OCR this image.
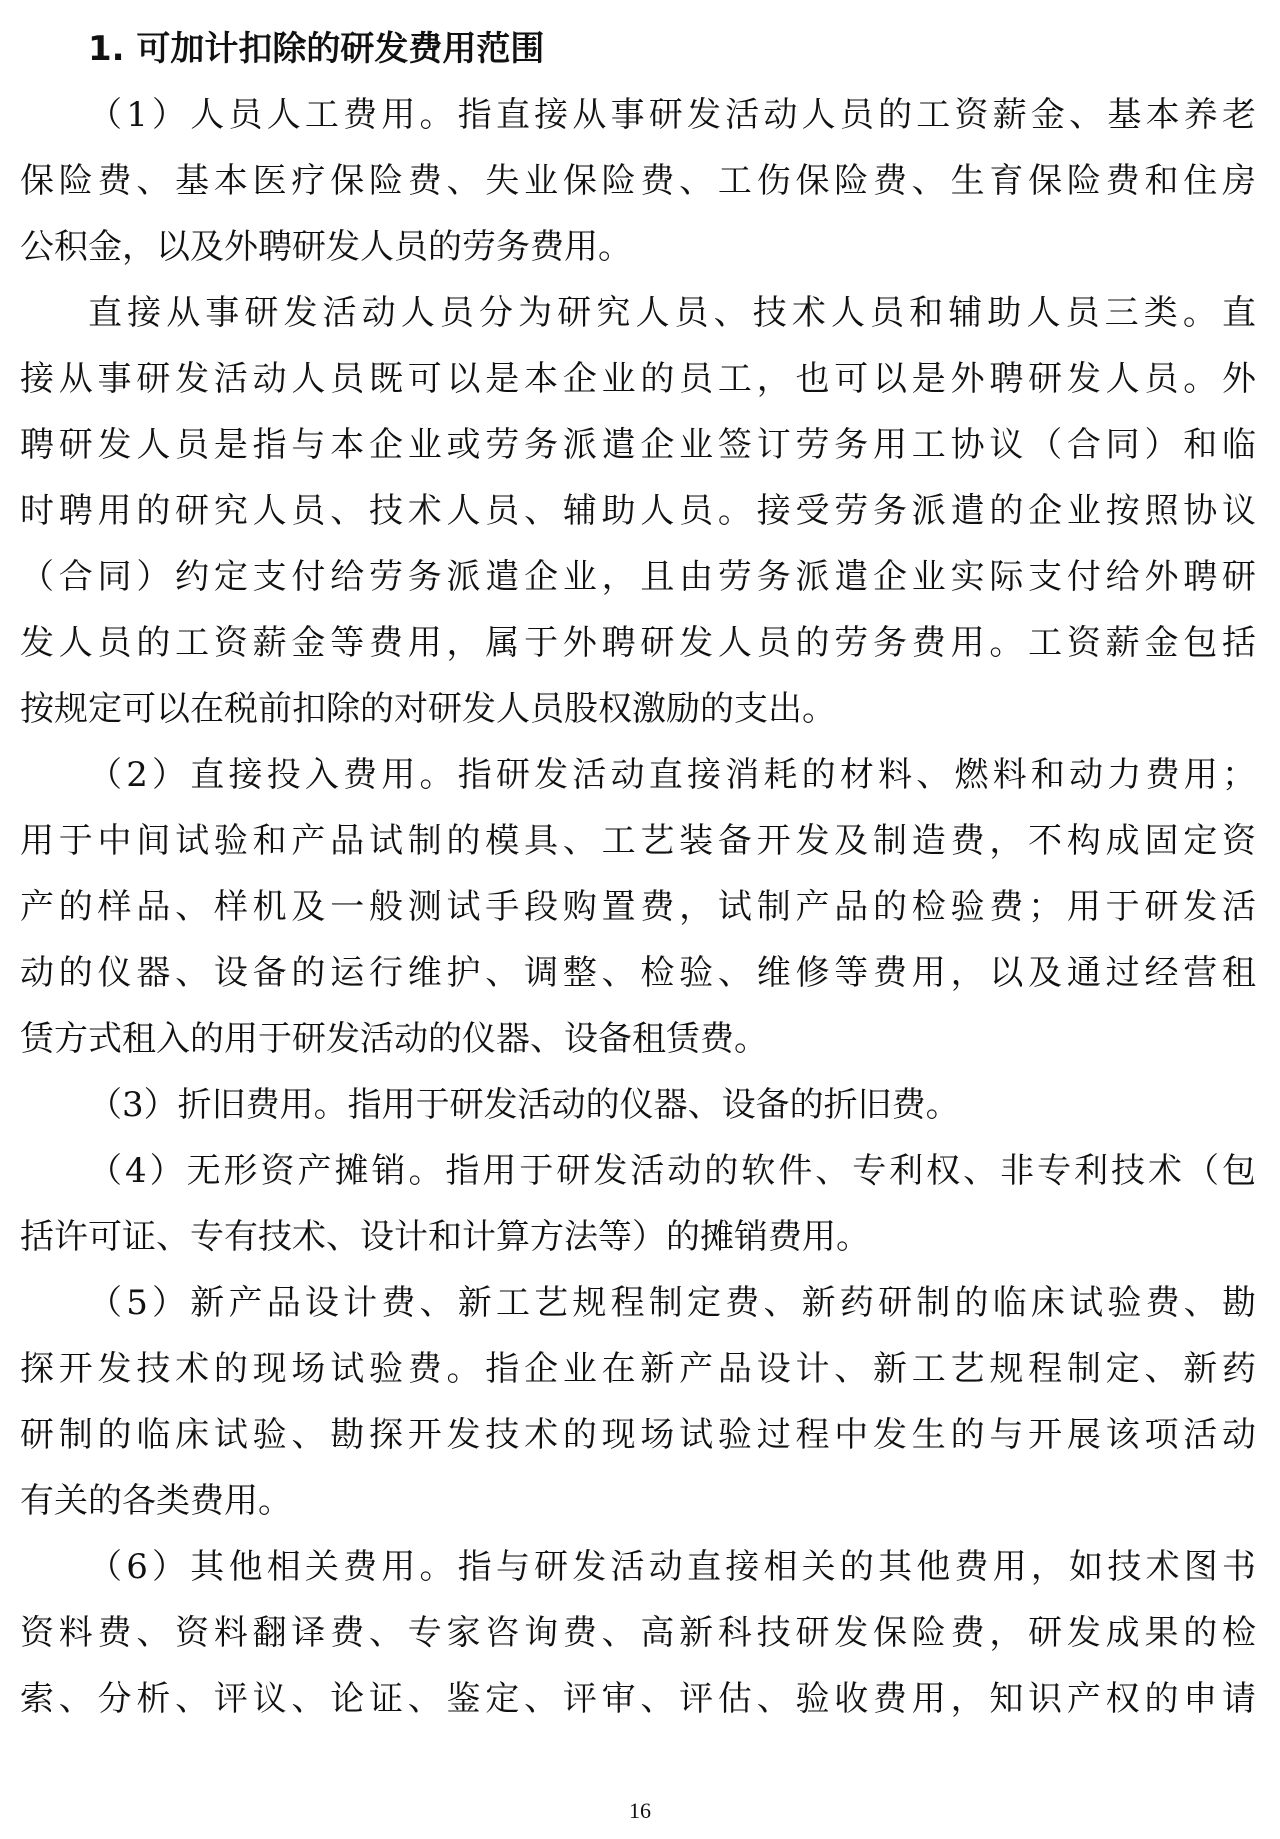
1. 可加计扣除的研发费用范围
（1）人员人工费用。指直接从事研发活动人员的工资薪金、基本养老
保险费、基本医疗保险费、失业保险费、工伤保险费、生育保险费和住房
公积金，以及外聘研发人员的劳务费用。
直接从事研发活动人员分为研究人员、技术人员和辅助人员三类。直
接从事研发活动人员既可以是本企业的员工，也可以是外聘研发人员。外
聘研发人员是指与本企业或劳务派遣企业签订劳务用工协议（合同）和临
时聘用的研究人员、技术人员、辅助人员。接受劳务派遣的企业按照协议
（合同）约定支付给劳务派遣企业，且由劳务派遣企业实际支付给外聘研
发人员的工资薪金等费用，属于外聘研发人员的劳务费用。工资薪金包括
按规定可以在税前扣除的对研发人员股权激励的支出。
（2）直接投入费用。指研发活动直接消耗的材料、燃料和动力费用；
用于中间试验和产品试制的模具、工艺装备开发及制造费，不构成固定资
产的样品、样机及一般测试手段购置费，试制产品的检验费；用于研发活
动的仪器、设备的运行维护、调整、检验、维修等费用，以及通过经营租
赁方式租入的用于研发活动的仪器、设备租赁费。
（3）折旧费用。指用于研发活动的仪器、设备的折旧费。
（4）无形资产摊销。指用于研发活动的软件、专利权、非专利技术（包
括许可证、专有技术、设计和计算方法等）的摊销费用。
（5）新产品设计费、新工艺规程制定费、新药研制的临床试验费、勘
探开发技术的现场试验费。指企业在新产品设计、新工艺规程制定、新药
研制的临床试验、勘探开发技术的现场试验过程中发生的与开展该项活动
有关的各类费用。
（6）其他相关费用。指与研发活动直接相关的其他费用，如技术图书
资料费、资料翻译费、专家咨询费、高新科技研发保险费，研发成果的检
索、分析、评议、论证、鉴定、评审、评估、验收费用，知识产权的申请
16
